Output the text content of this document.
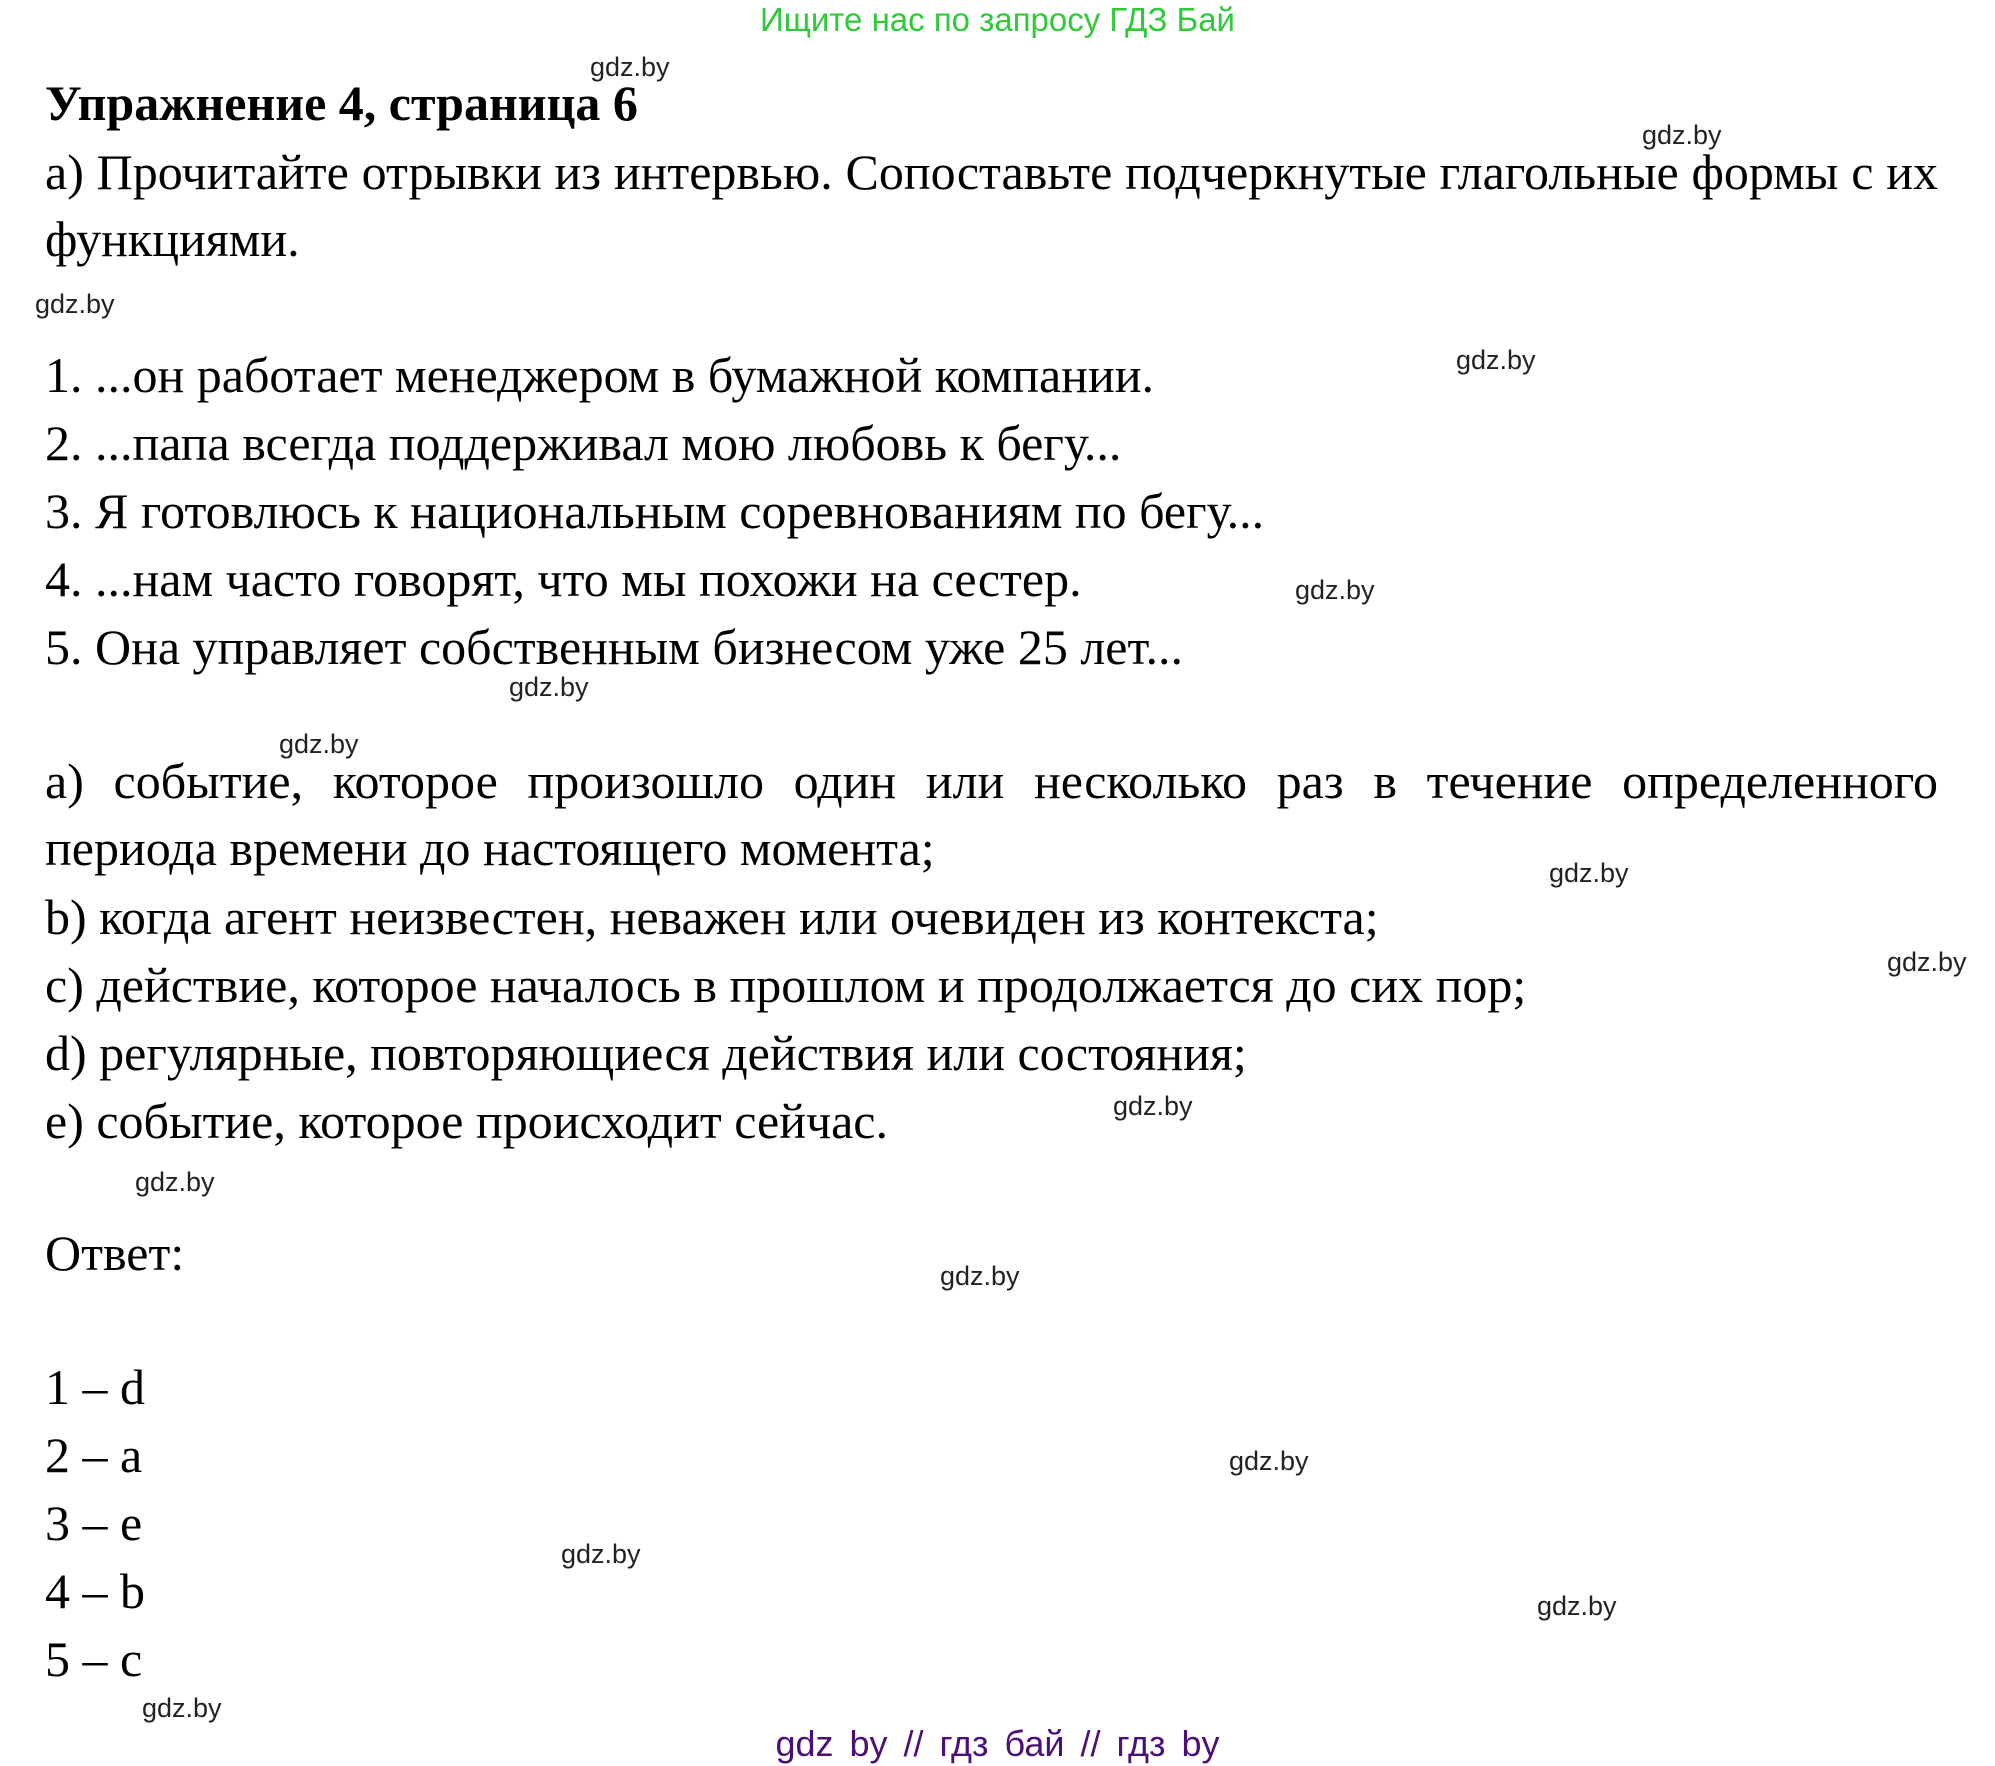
Ищите нас по запросу ГДЗ Бай
Упражнение 4, страница 6
а) Прочитайте отрывки из интервью. Сопоставьте подчеркнутые глагольные формы с их функциями.
1. ...он работает менеджером в бумажной компании.
2. ...папа всегда поддерживал мою любовь к бегу...
3. Я готовлюсь к национальным соревнованиям по бегу...
4. ...нам часто говорят, что мы похожи на сестер.
5. Она управляет собственным бизнесом уже 25 лет...
a) событие, которое произошло один или несколько раз в течение определенного периода времени до настоящего момента;
b) когда агент неизвестен, неважен или очевиден из контекста;
c) действие, которое началось в прошлом и продолжается до сих пор;
d) регулярные, повторяющиеся действия или состояния;
e) событие, которое происходит сейчас.
Ответ:
1 – d
2 – a
3 – e
4 – b
5 – c
gdz.by
gdz.by
gdz.by
gdz.by
gdz.by
gdz.by
gdz.by
gdz.by
gdz.by
gdz.by
gdz.by
gdz.by
gdz.by
gdz.by
gdz.by
gdz.by
gdz by // гдз бай // гдз by
